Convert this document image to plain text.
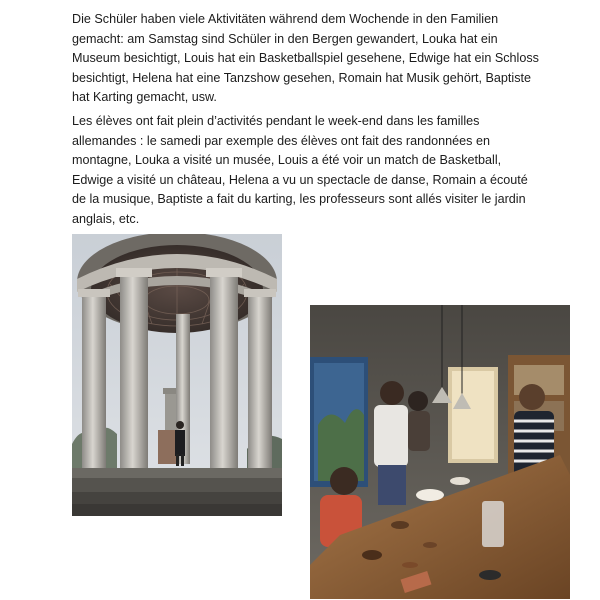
Die Schüler haben viele Aktivitäten während dem Wochende in den Familien gemacht: am Samstag sind Schüler in den Bergen gewandert, Louka hat ein Museum besichtigt, Louis hat ein Basketballspiel gesehene, Edwige hat ein Schloss besichtigt, Helena hat eine Tanzshow gesehen, Romain hat Musik gehört, Baptiste hat Karting gemacht, usw.

Les élèves ont fait plein d’activités pendant le week-end dans les familles allemandes : le samedi par exemple des élèves ont fait des randonnées en montagne, Louka a visité un musée, Louis a été voir un match de Basketball, Edwige a visité un château, Helena a vu un spectacle de danse, Romain a écouté de la musique, Baptiste a fait du karting, les professeurs sont allés visiter le jardin anglais, etc.
